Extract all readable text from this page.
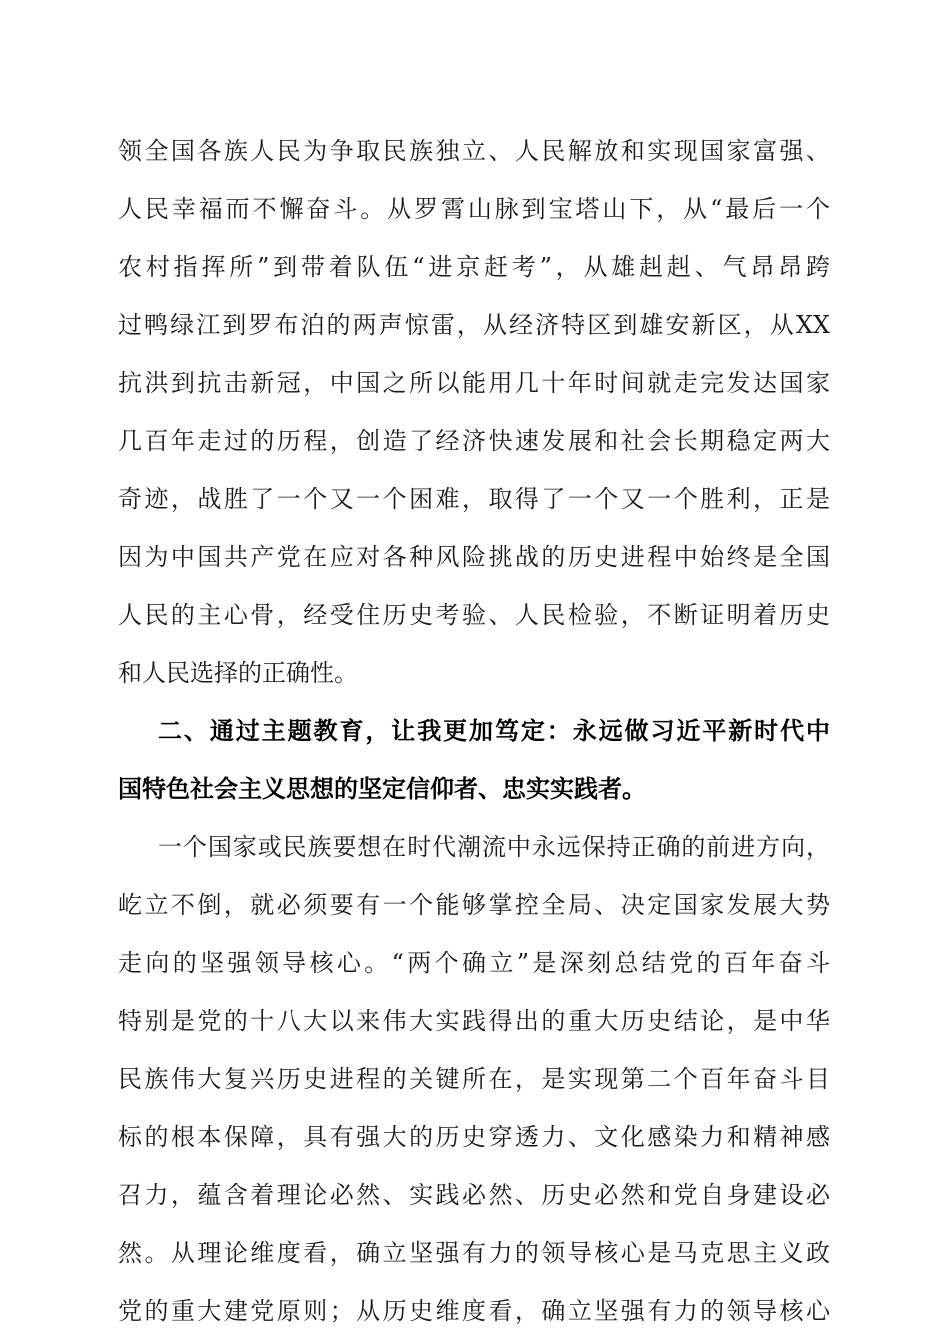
领全国各族人民为争取民族独立、人民解放和实现国家富强、
人民幸福而不懈奋斗。从罗霄山脉到宝塔山下，从“最后一个
农村指挥所”到带着队伍“进京赶考”，从雄赳赳、气昂昂跨
过鸭绿江到罗布泊的两声惊雷，从经济特区到雄安新区，从XX
抗洪到抗击新冠，中国之所以能用几十年时间就走完发达国家
几百年走过的历程，创造了经济快速发展和社会长期稳定两大
奇迹，战胜了一个又一个困难，取得了一个又一个胜利，正是
因为中国共产党在应对各种风险挑战的历史进程中始终是全国
人民的主心骨，经受住历史考验、人民检验，不断证明着历史
和人民选择的正确性。
二、通过主题教育，让我更加笃定：永远做习近平新时代中
国特色社会主义思想的坚定信仰者、忠实实践者。
一个国家或民族要想在时代潮流中永远保持正确的前进方向，
屹立不倒，就必须要有一个能够掌控全局、决定国家发展大势
走向的坚强领导核心。“两个确立”是深刻总结党的百年奋斗
特别是党的十八大以来伟大实践得出的重大历史结论，是中华
民族伟大复兴历史进程的关键所在，是实现第二个百年奋斗目
标的根本保障，具有强大的历史穿透力、文化感染力和精神感
召力，蕴含着理论必然、实践必然、历史必然和党自身建设必
然。从理论维度看，确立坚强有力的领导核心是马克思主义政
党的重大建党原则；从历史维度看，确立坚强有力的领导核心
